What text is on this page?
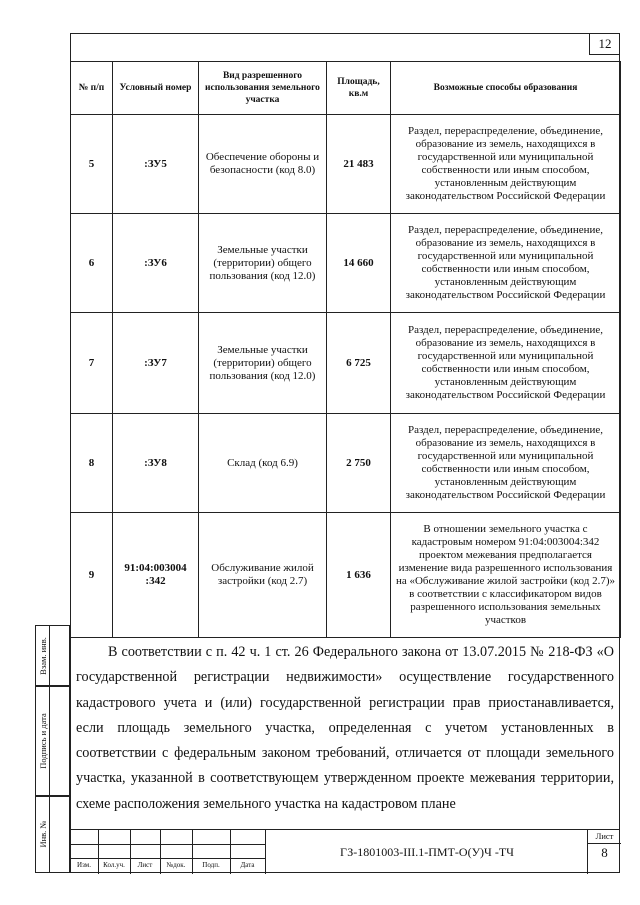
12
№ п/п	Условный номер	Вид разрешенного использования земельного участка	Площадь, кв.м	Возможные способы образования
5	:ЗУ5	Обеспечение обороны и безопасности (код 8.0)	21 483	Раздел, перераспределение, объединение, образование из земель, находящихся в государственной или муниципальной собственности или иным способом, установленным действующим законодательством Российской Федерации
6	:ЗУ6	Земельные участки (территории) общего пользования (код 12.0)	14 660	Раздел, перераспределение, объединение, образование из земель, находящихся в государственной или муниципальной собственности или иным способом, установленным действующим законодательством Российской Федерации
7	:ЗУ7	Земельные участки (территории) общего пользования (код 12.0)	6 725	Раздел, перераспределение, объединение, образование из земель, находящихся в государственной или муниципальной собственности или иным способом, установленным действующим законодательством Российской Федерации
8	:ЗУ8	Склад (код 6.9)	2 750	Раздел, перераспределение, объединение, образование из земель, находящихся в государственной или муниципальной собственности или иным способом, установленным действующим законодательством Российской Федерации
9	91:04:003004 :342	Обслуживание жилой застройки (код 2.7)	1 636	В отношении земельного участка с кадастровым номером 91:04:003004:342 проектом межевания предполагается изменение вида разрешенного использования на «Обслуживание жилой застройки (код 2.7)» в соответствии с классификатором видов разрешенного использования земельных участков

В соответствии с п. 42 ч. 1 ст. 26 Федерального закона от 13.07.2015 № 218-ФЗ «О государственной регистрации недвижимости» осуществление государственного кадастрового учета и (или) государственной регистрации прав приостанавливается, если площадь земельного участка, определенная с учетом установленных в соответствии с федеральным законом требований, отличается от площади земельного участка, указанной в соответствующем утвержденном проекте межевания территории, схеме расположения земельного участка на кадастровом плане

Взам. инв.
Подпись и дата
Инв. №
Изм.	Кол.уч.	Лист	№док.	Подп.	Дата
ГЗ-1801003-III.1-ПМТ-О(У)Ч -ТЧ
Лист
8
